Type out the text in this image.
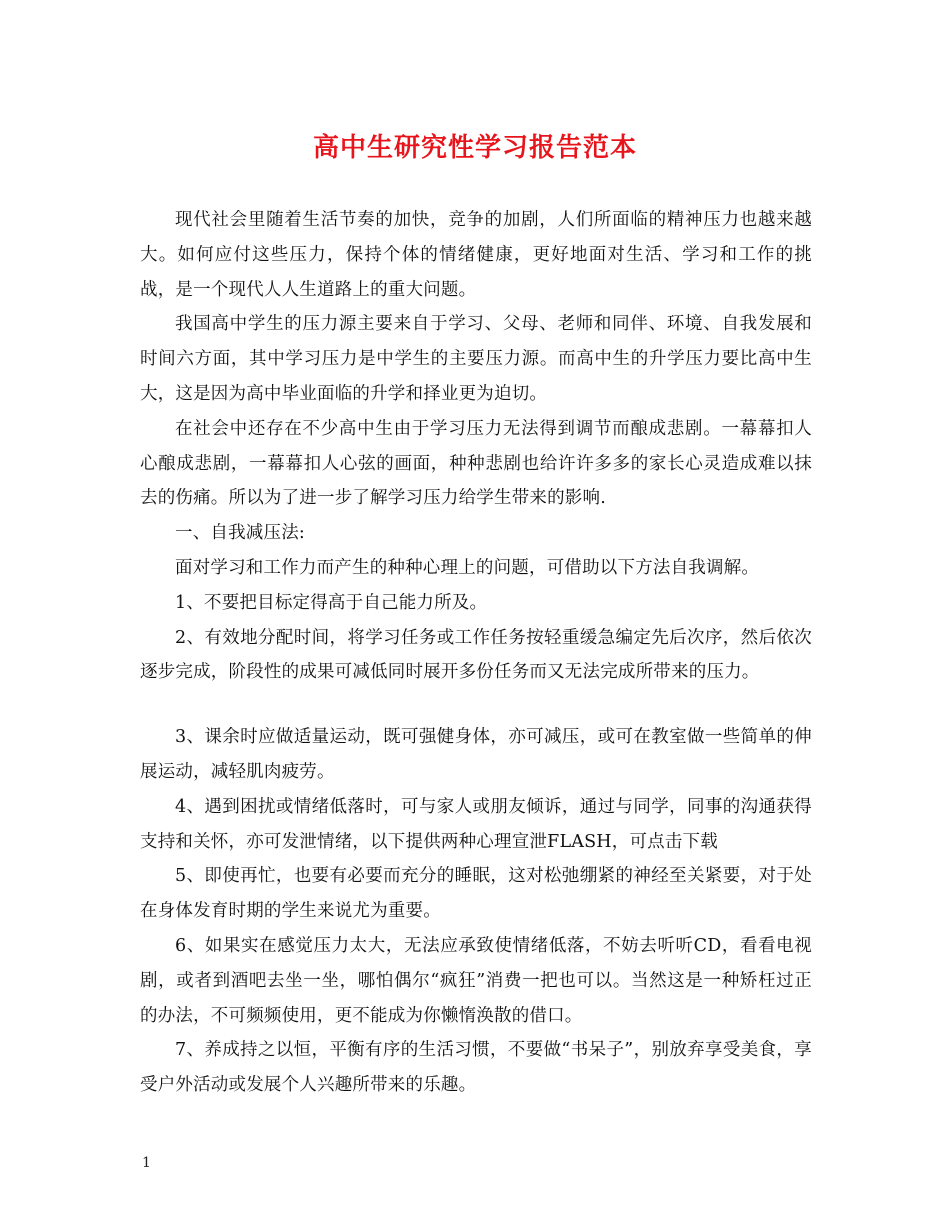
高中生研究性学习报告范本

现代社会里随着生活节奏的加快，竞争的加剧，人们所面临的精神压力也越来越大。如何应付这些压力，保持个体的情绪健康，更好地面对生活、学习和工作的挑战，是一个现代人人生道路上的重大问题。

我国高中学生的压力源主要来自于学习、父母、老师和同伴、环境、自我发展和时间六方面，其中学习压力是中学生的主要压力源。而高中生的升学压力要比高中生大，这是因为高中毕业面临的升学和择业更为迫切。

在社会中还存在不少高中生由于学习压力无法得到调节而酿成悲剧。一幕幕扣人心酿成悲剧，一幕幕扣人心弦的画面，种种悲剧也给许许多多的家长心灵造成难以抹去的伤痛。所以为了进一步了解学习压力给学生带来的影响.

一、自我减压法:

面对学习和工作力而产生的种种心理上的问题，可借助以下方法自我调解。

1、不要把目标定得高于自己能力所及。

2、有效地分配时间，将学习任务或工作任务按轻重缓急编定先后次序，然后依次逐步完成，阶段性的成果可减低同时展开多份任务而又无法完成所带来的压力。

3、课余时应做适量运动，既可强健身体，亦可减压，或可在教室做一些简单的伸展运动，减轻肌肉疲劳。

4、遇到困扰或情绪低落时，可与家人或朋友倾诉，通过与同学，同事的沟通获得支持和关怀，亦可发泄情绪，以下提供两种心理宣泄FLASH，可点击下载

5、即使再忙，也要有必要而充分的睡眠，这对松弛绷紧的神经至关紧要，对于处在身体发育时期的学生来说尤为重要。

6、如果实在感觉压力太大，无法应承致使情绪低落，不妨去听听CD，看看电视剧，或者到酒吧去坐一坐，哪怕偶尔“疯狂”消费一把也可以。当然这是一种矫枉过正的办法，不可频频使用，更不能成为你懒惰涣散的借口。

7、养成持之以恒，平衡有序的生活习惯，不要做“书呆子”，别放弃享受美食，享受户外活动或发展个人兴趣所带来的乐趣。

1
